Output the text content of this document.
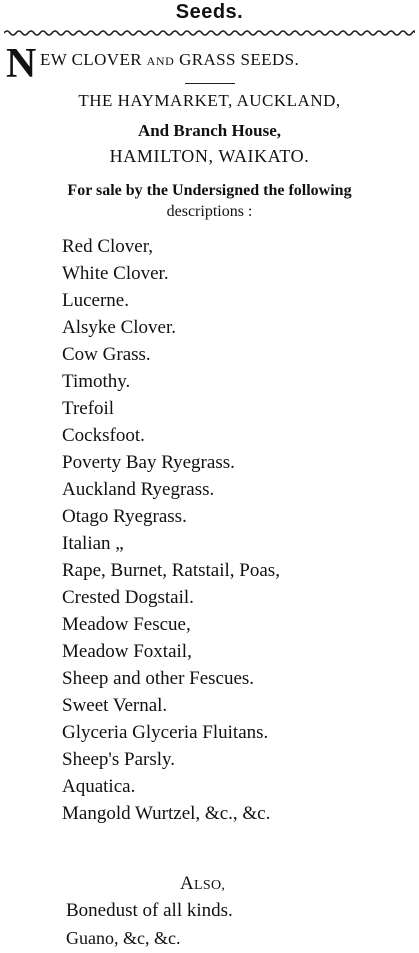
Seeds.
N EW CLOVER AND GRASS SEEDS.
THE HAYMARKET, AUCKLAND,
And Branch House,
HAMILTON, WAIKATO.
For sale by the Undersigned the following
descriptions :
Red Clover,
White Clover.
Lucerne.
Alsyke Clover.
Cow Grass.
Timothy.
Trefoil
Cocksfoot.
Poverty Bay Ryegrass.
Auckland Ryegrass.
Otago Ryegrass.
Italian „
Rape, Burnet, Ratstail, Poas,
Crested Dogstail.
Meadow Fescue,
Meadow Foxtail,
Sheep and other Fescues.
Sweet Vernal.
Glyceria Glyceria Fluitans.
Sheep's Parsly.
Aquatica.
Mangold Wurtzel, &c., &c.
ALSO,
Bonedust of all kinds.
Guano, &c, &c.
